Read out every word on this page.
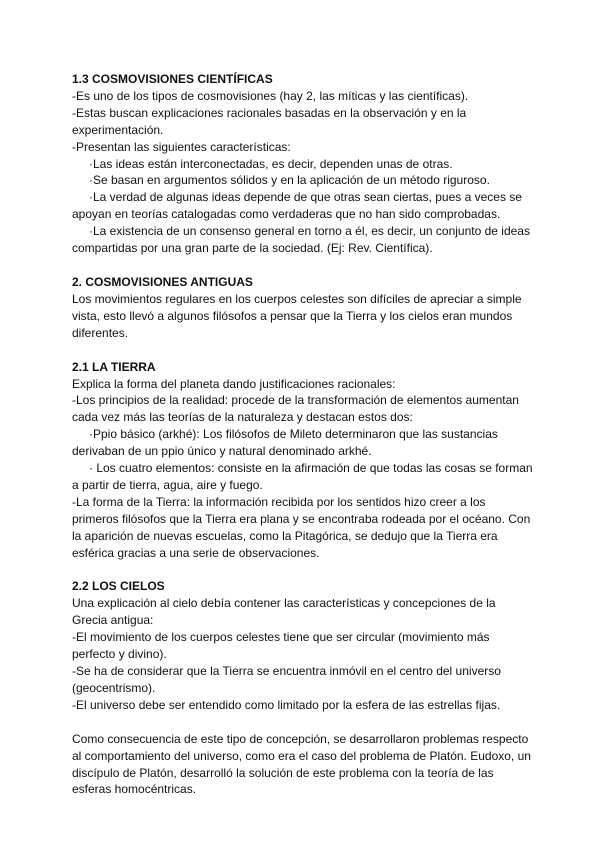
1.3 COSMOVISIONES CIENTÍFICAS
-Es uno de los tipos de cosmovisiones (hay 2, las míticas y las científicas).
-Estas buscan explicaciones racionales basadas en la observación y en la experimentación.
-Presentan las siguientes características:
·Las ideas están interconectadas, es decir, dependen unas de otras.
·Se basan en argumentos sólidos y en la aplicación de un método riguroso.
·La verdad de algunas ideas depende de que otras sean ciertas, pues a veces se apoyan en teorías catalogadas como verdaderas que no han sido comprobadas.
·La existencia de un consenso general en torno a él, es decir, un conjunto de ideas compartidas por una gran parte de la sociedad. (Ej: Rev. Científica).
2. COSMOVISIONES ANTIGUAS
Los movimientos regulares en los cuerpos celestes son difíciles de apreciar a simple vista, esto llevó a algunos filósofos a pensar que la Tierra y los cielos eran mundos diferentes.
2.1 LA TIERRA
Explica la forma del planeta dando justificaciones racionales:
-Los principios de la realidad: procede de la transformación de elementos aumentan cada vez más las teorías de la naturaleza y destacan estos dos:
·Ppio básico (arkhé): Los filósofos de Mileto determinaron que las sustancias derivaban de un ppio único y natural denominado arkhé.
· Los cuatro elementos: consiste en la afirmación de que todas las cosas se forman a partir de tierra, agua, aire y fuego.
-La forma de la Tierra: la información recibida por los sentidos hizo creer a los primeros filósofos que la Tierra era plana y se encontraba rodeada por el océano. Con la aparición de nuevas escuelas, como la Pitagórica, se dedujo que la Tierra era esférica gracias a una serie de observaciones.
2.2 LOS CIELOS
Una explicación al cielo debía contener las características y concepciones de la Grecia antigua:
-El movimiento de los cuerpos celestes tiene que ser circular (movimiento más perfecto y divino).
-Se ha de considerar que la Tierra se encuentra inmóvil en el centro del universo (geocentrismo).
-El universo debe ser entendido como limitado por la esfera de las estrellas fijas.
Como consecuencia de este tipo de concepción, se desarrollaron problemas respecto al comportamiento del universo, como era el caso del problema de Platón. Eudoxo, un discípulo de Platón, desarrolló la solución de este problema con la teoría de las esferas homocéntricas.
